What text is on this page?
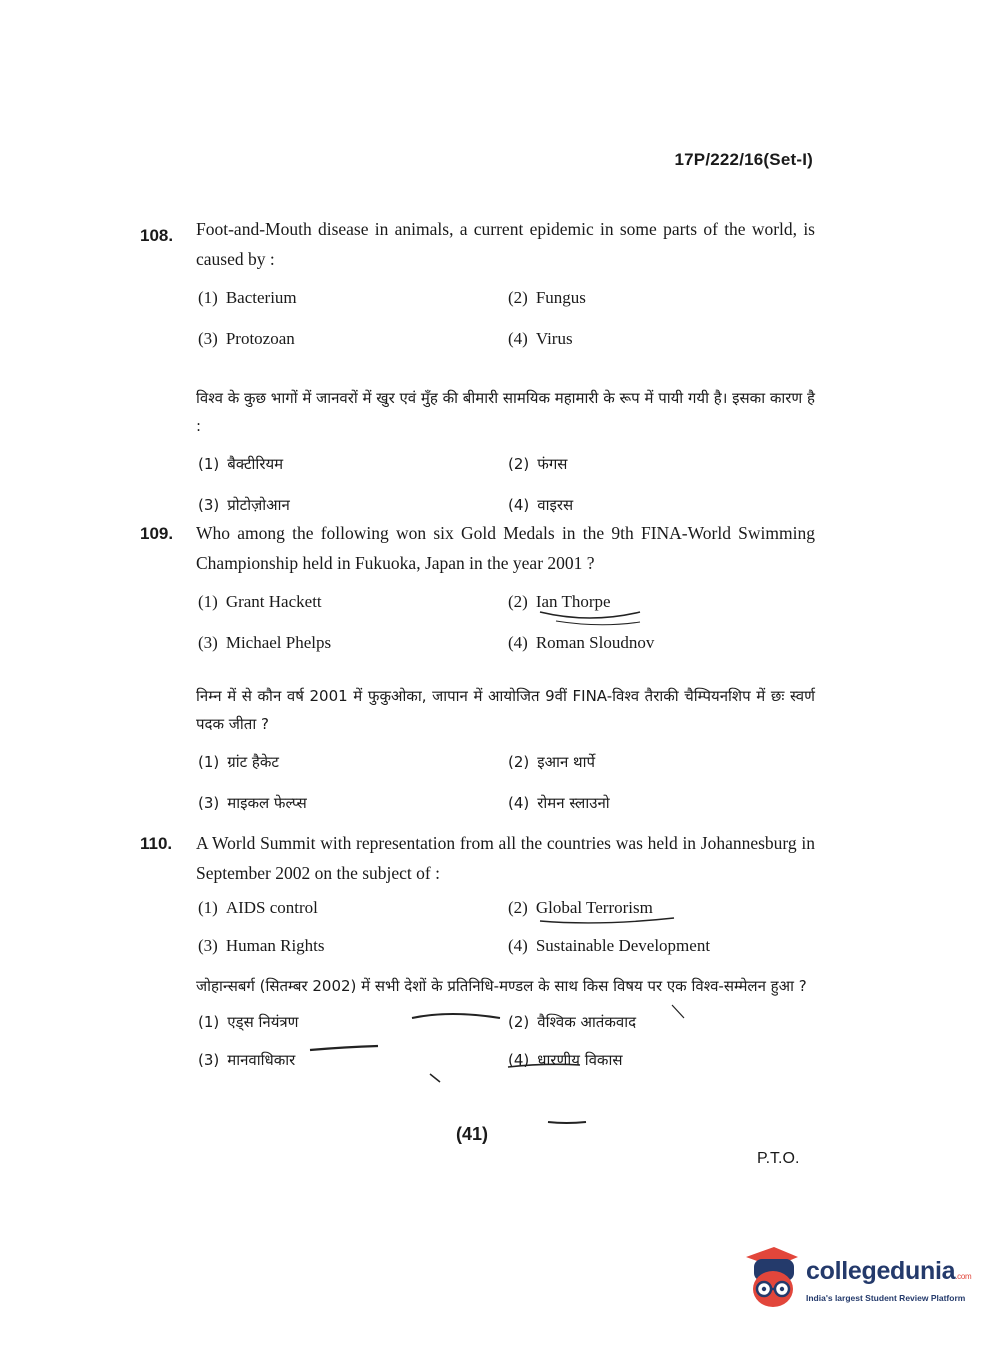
17P/222/16(Set-I)
108. Foot-and-Mouth disease in animals, a current epidemic in some parts of the world, is caused by :
(1) Bacterium	(2) Fungus
(3) Protozoan	(4) Virus
विश्व के कुछ भागों में जानवरों में खुर एवं मुँह की बीमारी सामयिक महामारी के रूप में पायी गयी है। इसका कारण है :
(1) बैक्टीरियम	(2) फंगस
(3) प्रोटोज़ोआन	(4) वाइरस
109. Who among the following won six Gold Medals in the 9th FINA-World Swimming Championship held in Fukuoka, Japan in the year 2001 ?
(1) Grant Hackett	(2) Ian Thorpe
(3) Michael Phelps	(4) Roman Sloudnov
निम्न में से कौन वर्ष 2001 में फुकुओका, जापान में आयोजित 9वीं FINA-विश्व तैराकी चैम्पियनशिप में छः स्वर्ण पदक जीता ?
(1) ग्रांट हैकेट	(2) इआन थार्पे
(3) माइकल फेल्प्स	(4) रोमन स्लाउनो
110. A World Summit with representation from all the countries was held in Johannesburg in September 2002 on the subject of :
(1) AIDS control	(2) Global Terrorism
(3) Human Rights	(4) Sustainable Development
जोहान्सबर्ग (सितम्बर 2002) में सभी देशों के प्रतिनिधि-मण्डल के साथ किस विषय पर एक विश्व-सम्मेलन हुआ ?
(1) एड्स नियंत्रण	(2) वैश्विक आतंकवाद
(3) मानवाधिकार	(4) धारणीय विकास
(41)
P.T.O.
collegedunia.com
India's largest Student Review Platform
